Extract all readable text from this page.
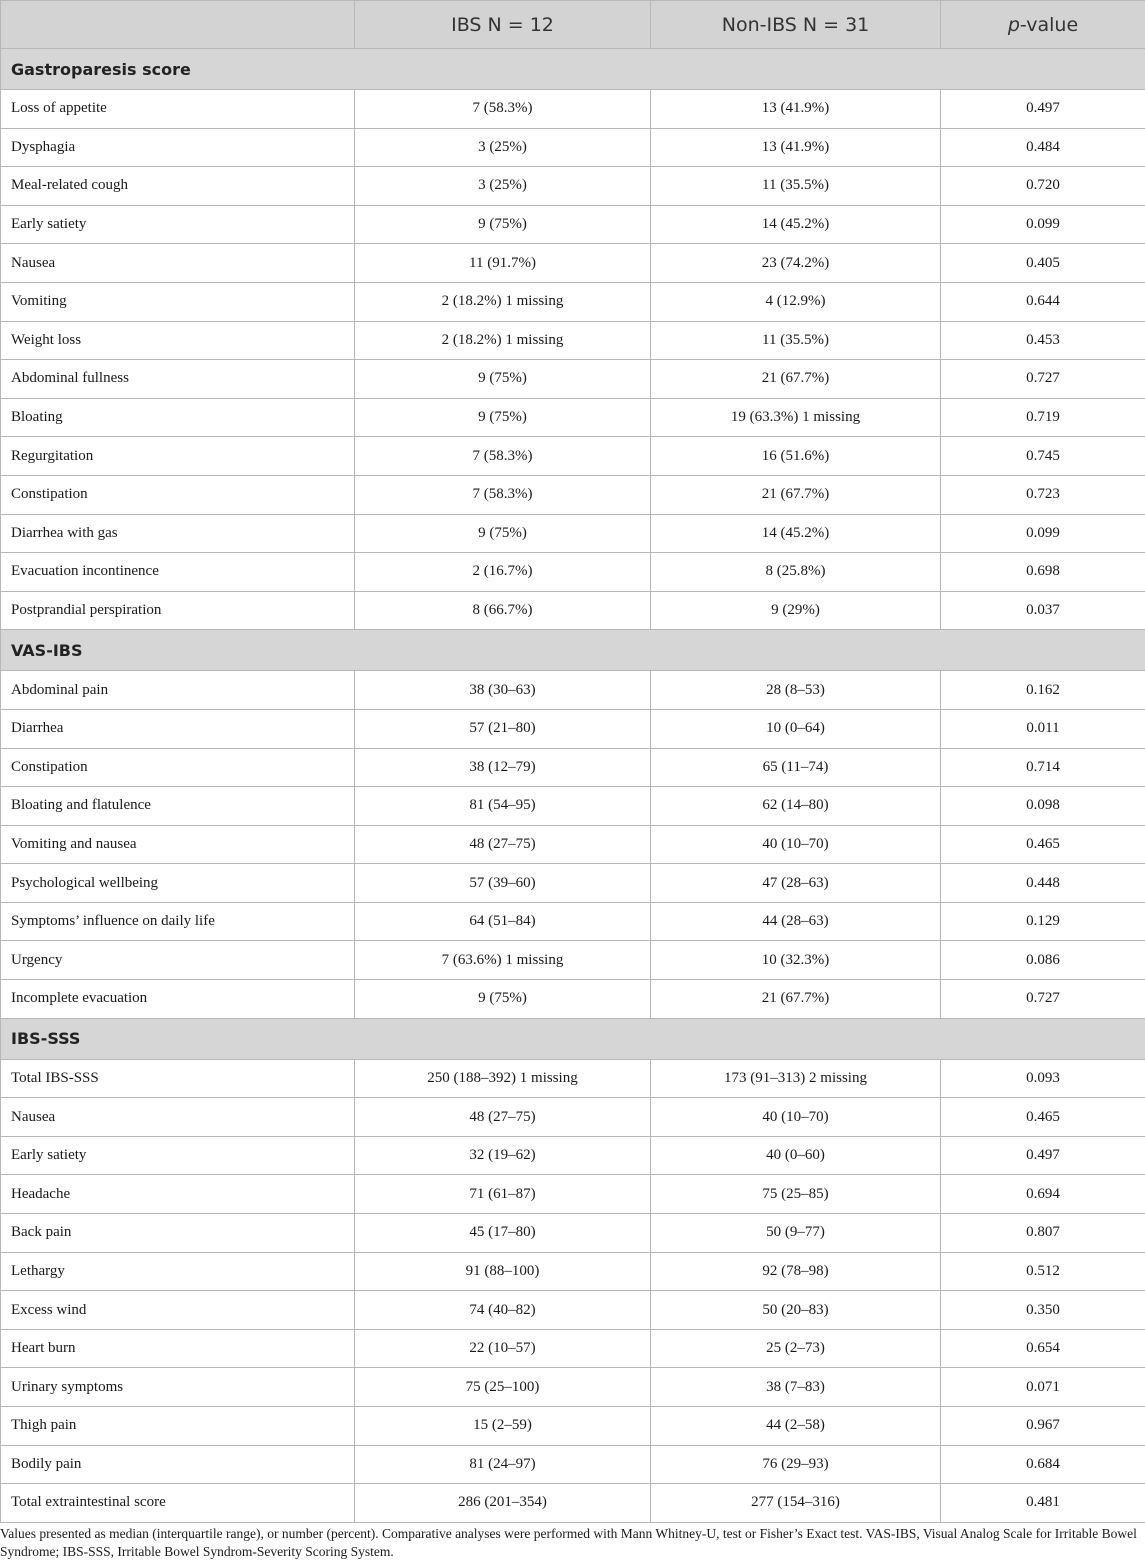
	IBS N = 12	Non-IBS N = 31	p-value
Gastroparesis score			
Loss of appetite	7 (58.3%)	13 (41.9%)	0.497
Dysphagia	3 (25%)	13 (41.9%)	0.484
Meal-related cough	3 (25%)	11 (35.5%)	0.720
Early satiety	9 (75%)	14 (45.2%)	0.099
Nausea	11 (91.7%)	23 (74.2%)	0.405
Vomiting	2 (18.2%) 1 missing	4 (12.9%)	0.644
Weight loss	2 (18.2%) 1 missing	11 (35.5%)	0.453
Abdominal fullness	9 (75%)	21 (67.7%)	0.727
Bloating	9 (75%)	19 (63.3%) 1 missing	0.719
Regurgitation	7 (58.3%)	16 (51.6%)	0.745
Constipation	7 (58.3%)	21 (67.7%)	0.723
Diarrhea with gas	9 (75%)	14 (45.2%)	0.099
Evacuation incontinence	2 (16.7%)	8 (25.8%)	0.698
Postprandial perspiration	8 (66.7%)	9 (29%)	0.037
VAS-IBS			
Abdominal pain	38 (30–63)	28 (8–53)	0.162
Diarrhea	57 (21–80)	10 (0–64)	0.011
Constipation	38 (12–79)	65 (11–74)	0.714
Bloating and flatulence	81 (54–95)	62 (14–80)	0.098
Vomiting and nausea	48 (27–75)	40 (10–70)	0.465
Psychological wellbeing	57 (39–60)	47 (28–63)	0.448
Symptoms’ influence on daily life	64 (51–84)	44 (28–63)	0.129
Urgency	7 (63.6%) 1 missing	10 (32.3%)	0.086
Incomplete evacuation	9 (75%)	21 (67.7%)	0.727
IBS-SSS			
Total IBS-SSS	250 (188–392) 1 missing	173 (91–313) 2 missing	0.093
Nausea	48 (27–75)	40 (10–70)	0.465
Early satiety	32 (19–62)	40 (0–60)	0.497
Headache	71 (61–87)	75 (25–85)	0.694
Back pain	45 (17–80)	50 (9–77)	0.807
Lethargy	91 (88–100)	92 (78–98)	0.512
Excess wind	74 (40–82)	50 (20–83)	0.350
Heart burn	22 (10–57)	25 (2–73)	0.654
Urinary symptoms	75 (25–100)	38 (7–83)	0.071
Thigh pain	15 (2–59)	44 (2–58)	0.967
Bodily pain	81 (24–97)	76 (29–93)	0.684
Total extraintestinal score	286 (201–354)	277 (154–316)	0.481
Values presented as median (interquartile range), or number (percent). Comparative analyses were performed with Mann Whitney-U, test or Fisher’s Exact test. VAS-IBS, Visual Analog Scale for Irritable Bowel Syndrome; IBS-SSS, Irritable Bowel Syndrom-Severity Scoring System.
